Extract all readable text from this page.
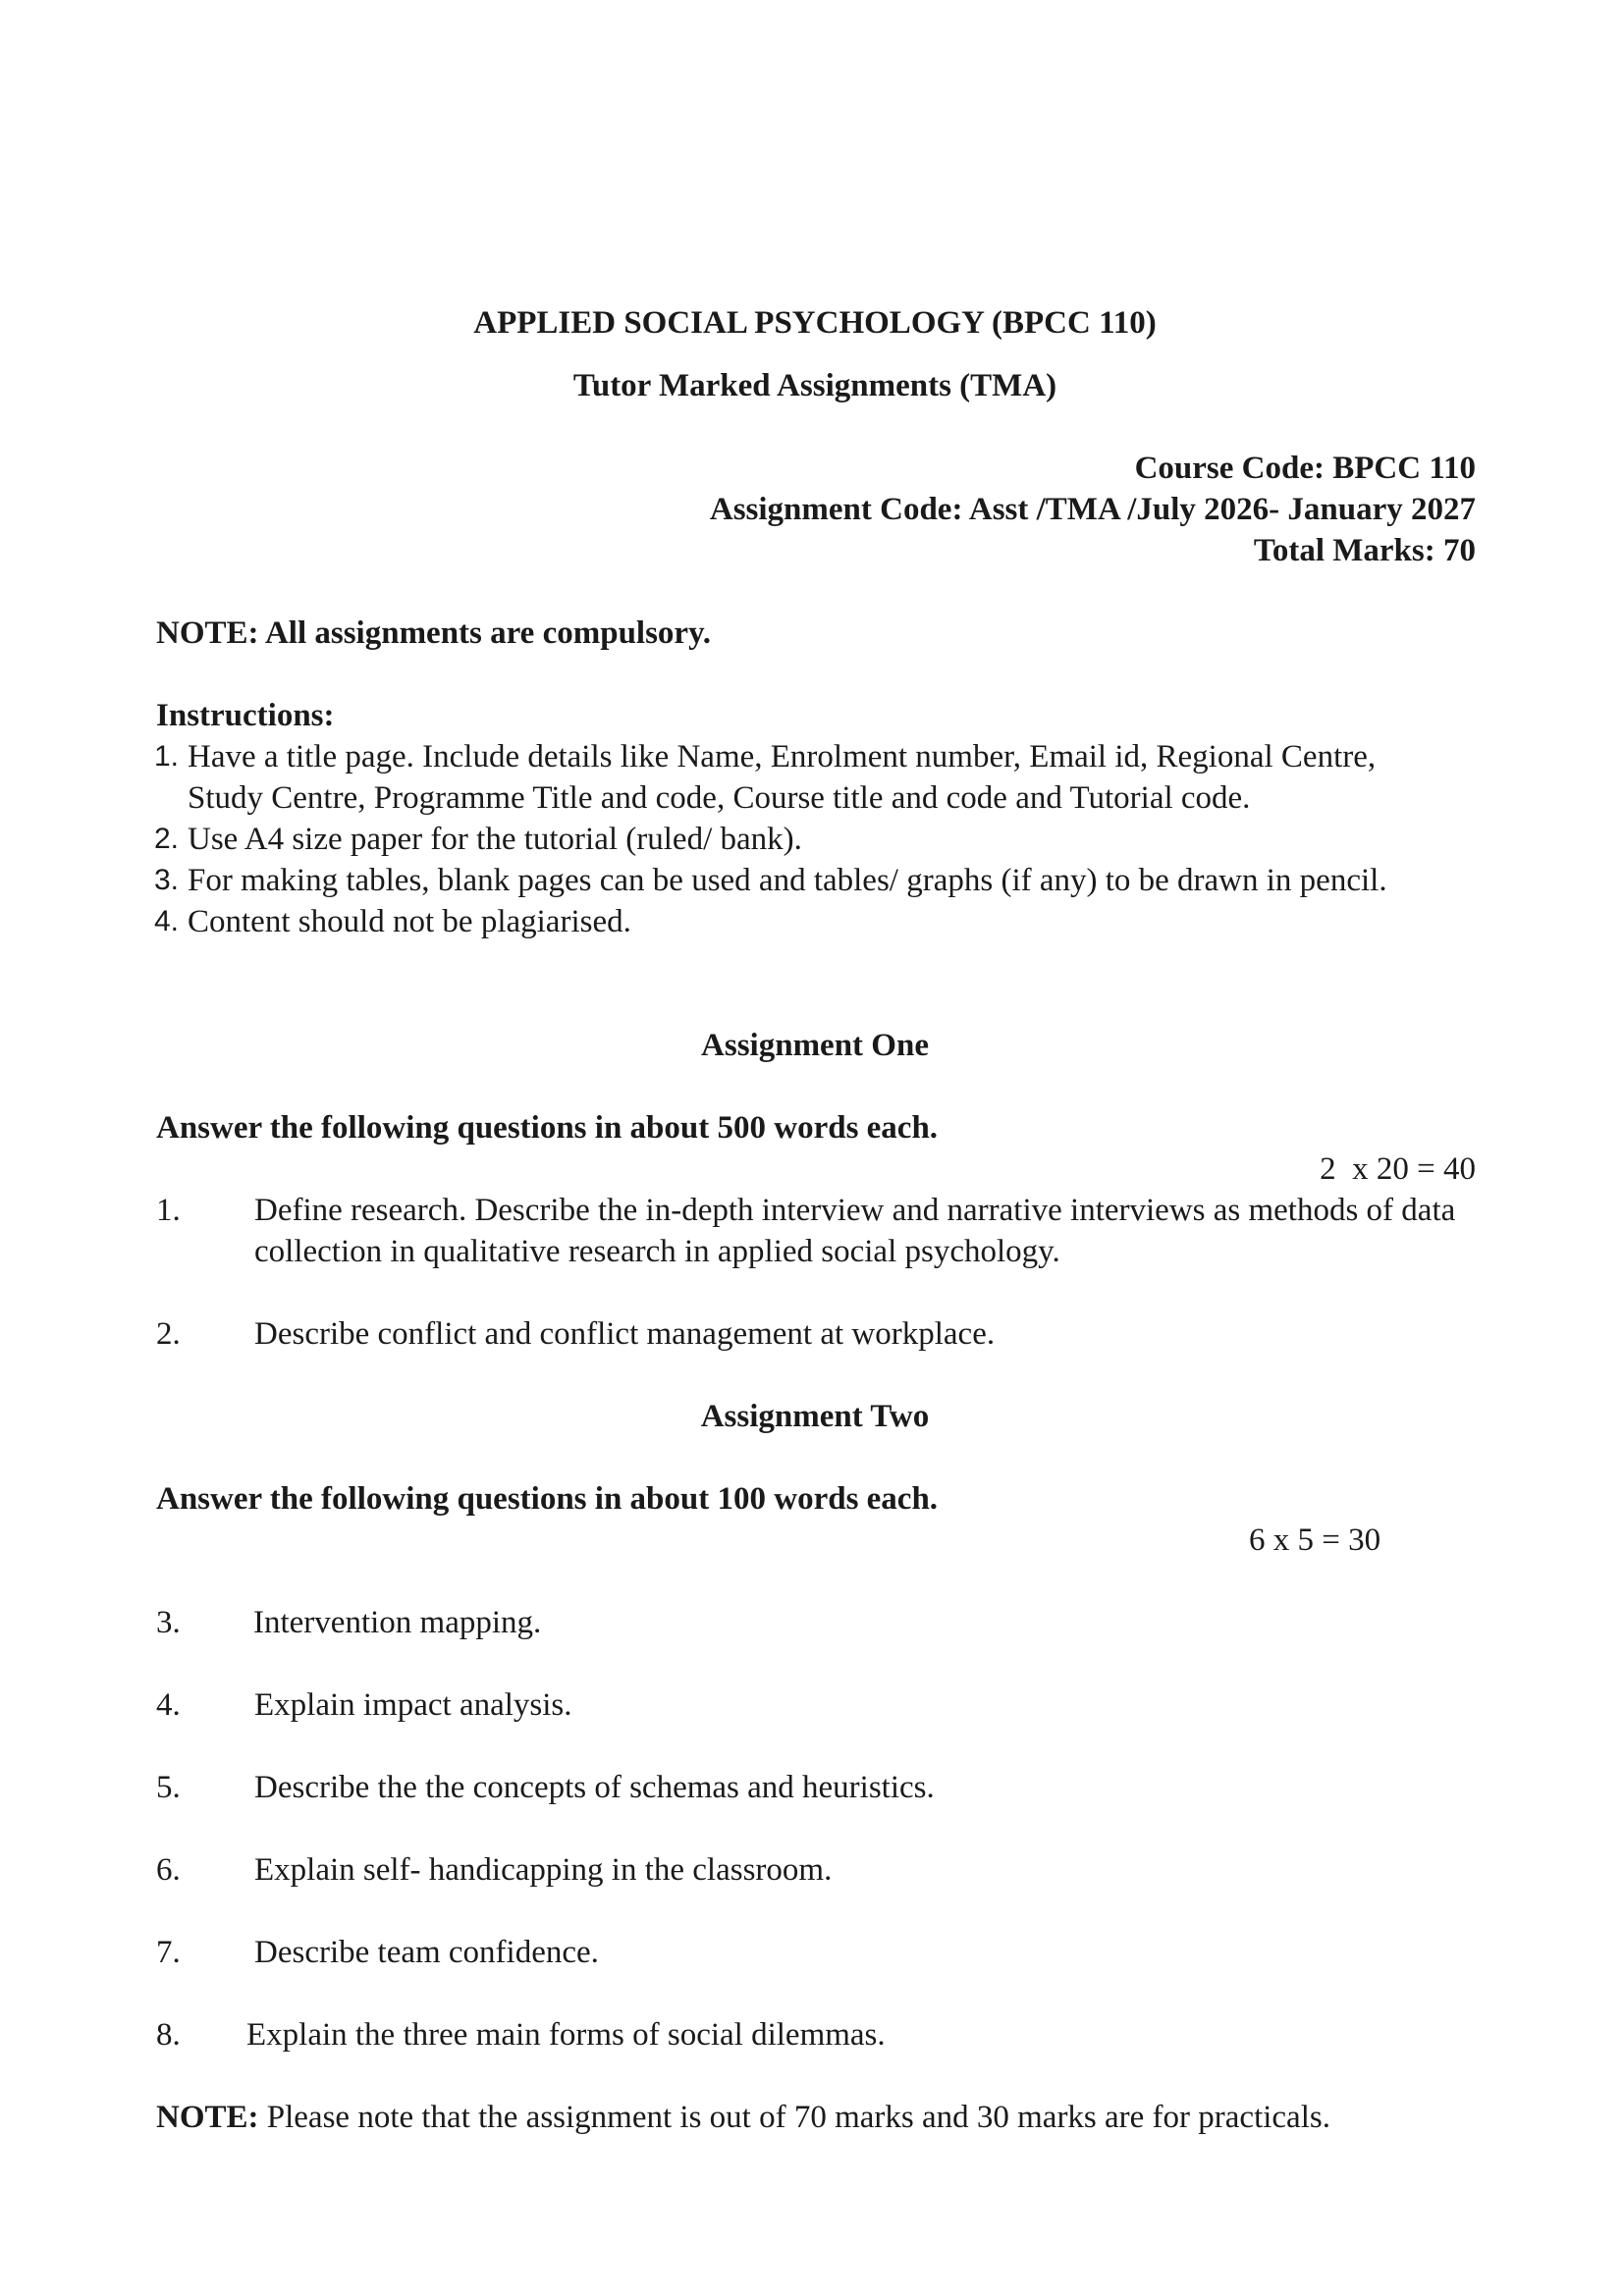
APPLIED SOCIAL PSYCHOLOGY (BPCC 110)
Tutor Marked Assignments (TMA)
Course Code: BPCC 110
Assignment Code: Asst /TMA /July 2026- January 2027
Total Marks: 70
NOTE: All assignments are compulsory.
Instructions:
1. Have a title page. Include details like Name, Enrolment number, Email id, Regional Centre,
Study Centre, Programme Title and code, Course title and code and Tutorial code.
2. Use A4 size paper for the tutorial (ruled/ bank).
3. For making tables, blank pages can be used and tables/ graphs (if any) to be drawn in pencil.
4. Content should not be plagiarised.
Assignment One
Answer the following questions in about 500 words each.
2  x 20 = 40
1. Define research. Describe the in-depth interview and narrative interviews as methods of data
collection in qualitative research in applied social psychology.
2. Describe conflict and conflict management at workplace.
Assignment Two
Answer the following questions in about 100 words each.
6 x 5 = 30
3. Intervention mapping.
4. Explain impact analysis.
5. Describe the the concepts of schemas and heuristics.
6. Explain self- handicapping in the classroom.
7. Describe team confidence.
8. Explain the three main forms of social dilemmas.
NOTE: Please note that the assignment is out of 70 marks and 30 marks are for practicals.
